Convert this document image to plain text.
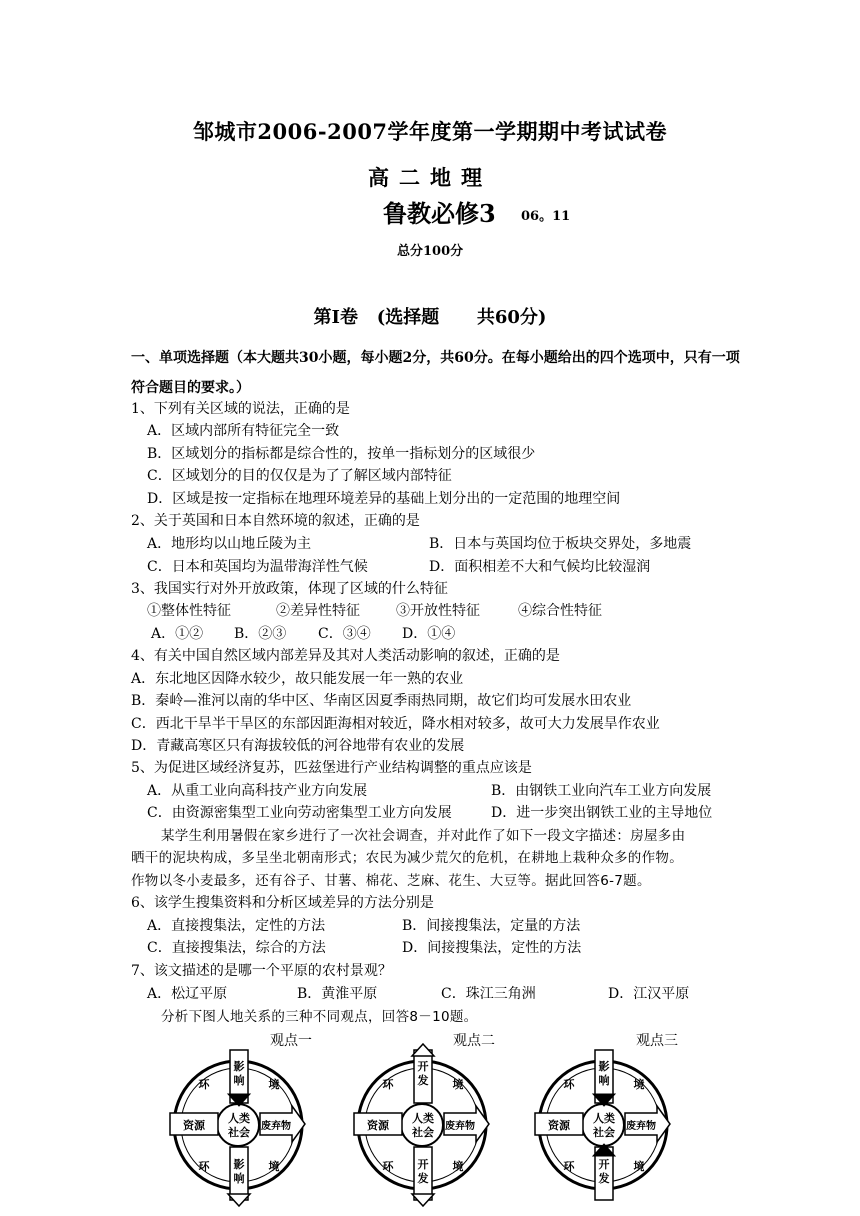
邹城市2006-2007学年度第一学期期中考试试卷
高二地理
鲁教必修3 06。11
总分100分
第Ⅰ卷   (选择题      共60分)
一、单项选择题（本大题共30小题，每小题2分，共60分。在每小题给出的四个选项中，只有一项符合题目的要求。）
1、下列有关区域的说法，正确的是
A．区域内部所有特征完全一致
B．区域划分的指标都是综合性的，按单一指标划分的区域很少
C．区域划分的目的仅仅是为了了解区域内部特征
D．区域是按一定指标在地理环境差异的基础上划分出的一定范围的地理空间
2、关于英国和日本自然环境的叙述，正确的是
A．地形均以山地丘陵为主	B．日本与英国均位于板块交界处，多地震
C．日本和英国均为温带海洋性气候	D．面积相差不大和气候均比较湿润
3、我国实行对外开放政策，体现了区域的什么特征
①整体性特征	②差异性特征	③开放性特征	④综合性特征
A．①② B．②③ C．③④ D．①④
4、有关中国自然区域内部差异及其对人类活动影响的叙述，正确的是
A．东北地区因降水较少，故只能发展一年一熟的农业
B．秦岭—淮河以南的华中区、华南区因夏季雨热同期，故它们均可发展水田农业
C．西北干旱半干旱区的东部因距海相对较近，降水相对较多，故可大力发展旱作农业
D．青藏高寒区只有海拔较低的河谷地带有农业的发展
5、为促进区域经济复苏，匹兹堡进行产业结构调整的重点应该是
A．从重工业向高科技产业方向发展	B．由钢铁工业向汽车工业方向发展
C．由资源密集型工业向劳动密集型工业方向发展	D．进一步突出钢铁工业的主导地位
某学生利用暑假在家乡进行了一次社会调查，并对此作了如下一段文字描述：房屋多由
晒干的泥块构成，多呈坐北朝南形式；农民为减少荒欠的危机，在耕地上栽种众多的作物。
作物以冬小麦最多，还有谷子、甘薯、棉花、芝麻、花生、大豆等。据此回答6-7题。
6、该学生搜集资料和分析区域差异的方法分别是
A．直接搜集法，定性的方法	B．间接搜集法，定量的方法
C．直接搜集法，综合的方法	D．间接搜集法，定性的方法
7、该文描述的是哪一个平原的农村景观？
A．松辽平原	B．黄淮平原	C．珠江三角洲	D．江汉平原
分析下图人地关系的三种不同观点，回答8－10题。
观点一	观点二	观点三
影
响
影
响
资源	废弃物
人类
社会
环	境
环	境
开
发
开
发
资源	废弃物
人类
社会
环	境
环	境
影
响
开
发
资源	废弃物
人类
社会
环	境
环	境
